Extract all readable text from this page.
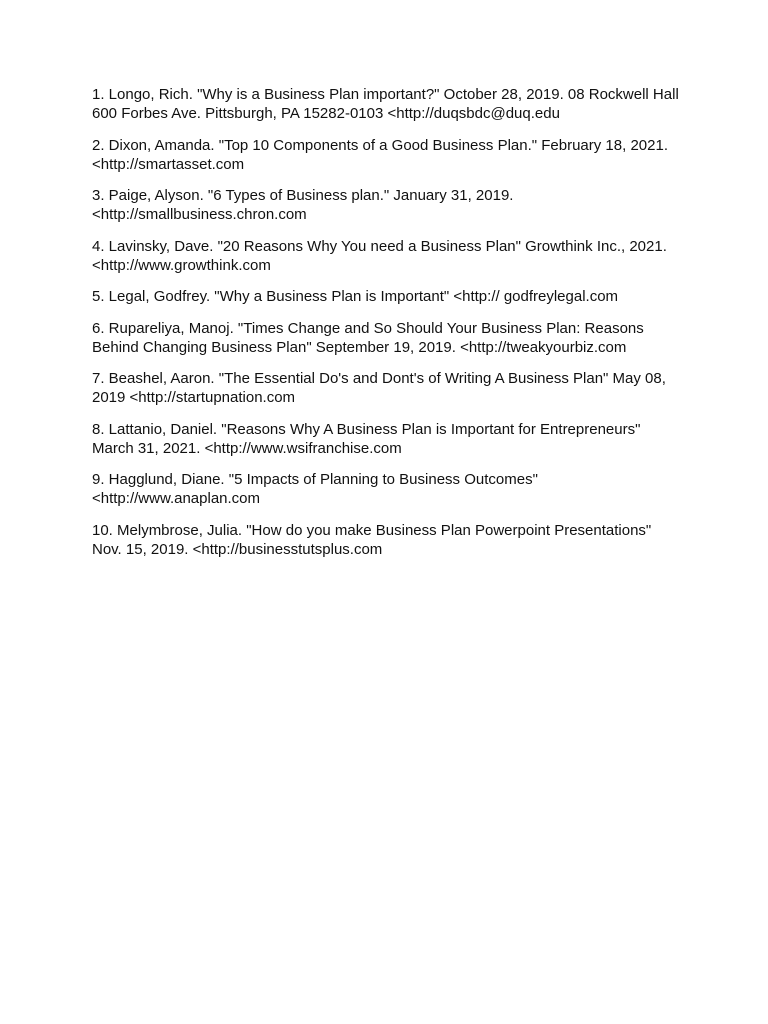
1. Longo, Rich. "Why is a Business Plan important?" October 28, 2019. 08 Rockwell Hall 600 Forbes Ave. Pittsburgh, PA 15282-0103 <http://duqsbdc@duq.edu

2. Dixon, Amanda. "Top 10 Components of a Good Business Plan." February 18, 2021. <http://smartasset.com

3. Paige, Alyson. "6 Types of Business plan." January 31, 2019. <http://smallbusiness.chron.com

4. Lavinsky, Dave. "20 Reasons Why You need a Business Plan" Growthink Inc., 2021. <http://www.growthink.com

5. Legal, Godfrey. "Why a Business Plan is Important" <http:// godfreylegal.com

6. Rupareliya, Manoj. "Times Change and So Should Your Business Plan: Reasons Behind Changing Business Plan" September 19, 2019. <http://tweakyourbiz.com

7. Beashel, Aaron. "The Essential Do's and Dont's of Writing A Business Plan" May 08, 2019 <http://startupnation.com

8. Lattanio, Daniel. "Reasons Why A Business Plan is Important for Entrepreneurs" March 31, 2021. <http://www.wsifranchise.com

9. Hagglund, Diane. "5 Impacts of Planning to Business Outcomes" <http://www.anaplan.com

10. Melymbrose, Julia. "How do you make Business Plan Powerpoint Presentations" Nov. 15, 2019. <http://businesstutsplus.com
